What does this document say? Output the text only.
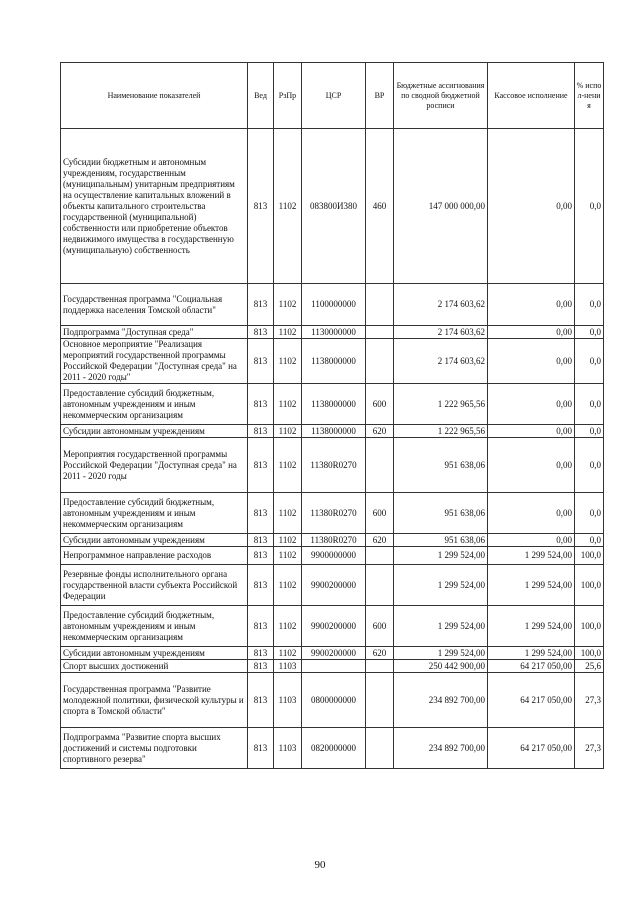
Наименование показателей	Вед	РзПр	ЦСР	ВР	Бюджетные ассигнования по сводной бюджетной росписи	Кассовое исполнение	% испол-нения
Субсидии бюджетным и автономным учреждениям, государственным (муниципальным) унитарным предприятиям на осуществление капитальных вложений в объекты капитального строительства государственной (муниципальной) собственности или приобретение объектов недвижимого имущества в государственную (муниципальную) собственность	813	1102	083800И380	460	147 000 000,00	0,00	0,0
Государственная программа "Социальная поддержка населения Томской области"	813	1102	1100000000		2 174 603,62	0,00	0,0
Подпрограмма "Доступная среда"	813	1102	1130000000		2 174 603,62	0,00	0,0
Основное мероприятие "Реализация мероприятий государственной программы Российской Федерации "Доступная среда" на 2011 - 2020 годы"	813	1102	1138000000		2 174 603,62	0,00	0,0
Предоставление субсидий бюджетным, автономным учреждениям и иным некоммерческим организациям	813	1102	1138000000	600	1 222 965,56	0,00	0,0
Субсидии автономным учреждениям	813	1102	1138000000	620	1 222 965,56	0,00	0,0
Мероприятия государственной программы Российской Федерации "Доступная среда" на 2011 - 2020 годы	813	1102	11380R0270		951 638,06	0,00	0,0
Предоставление субсидий бюджетным, автономным учреждениям и иным некоммерческим организациям	813	1102	11380R0270	600	951 638,06	0,00	0,0
Субсидии автономным учреждениям	813	1102	11380R0270	620	951 638,06	0,00	0,0
Непрограммное направление расходов	813	1102	9900000000		1 299 524,00	1 299 524,00	100,0
Резервные фонды исполнительного органа государственной власти субъекта Российской Федерации	813	1102	9900200000		1 299 524,00	1 299 524,00	100,0
Предоставление субсидий бюджетным, автономным учреждениям и иным некоммерческим организациям	813	1102	9900200000	600	1 299 524,00	1 299 524,00	100,0
Субсидии автономным учреждениям	813	1102	9900200000	620	1 299 524,00	1 299 524,00	100,0
Спорт высших достижений	813	1103			250 442 900,00	64 217 050,00	25,6
Государственная программа "Развитие молодежной политики, физической культуры и спорта в Томской области"	813	1103	0800000000		234 892 700,00	64 217 050,00	27,3
Подпрограмма "Развитие спорта высших достижений и системы подготовки спортивного резерва"	813	1103	0820000000		234 892 700,00	64 217 050,00	27,3
90
